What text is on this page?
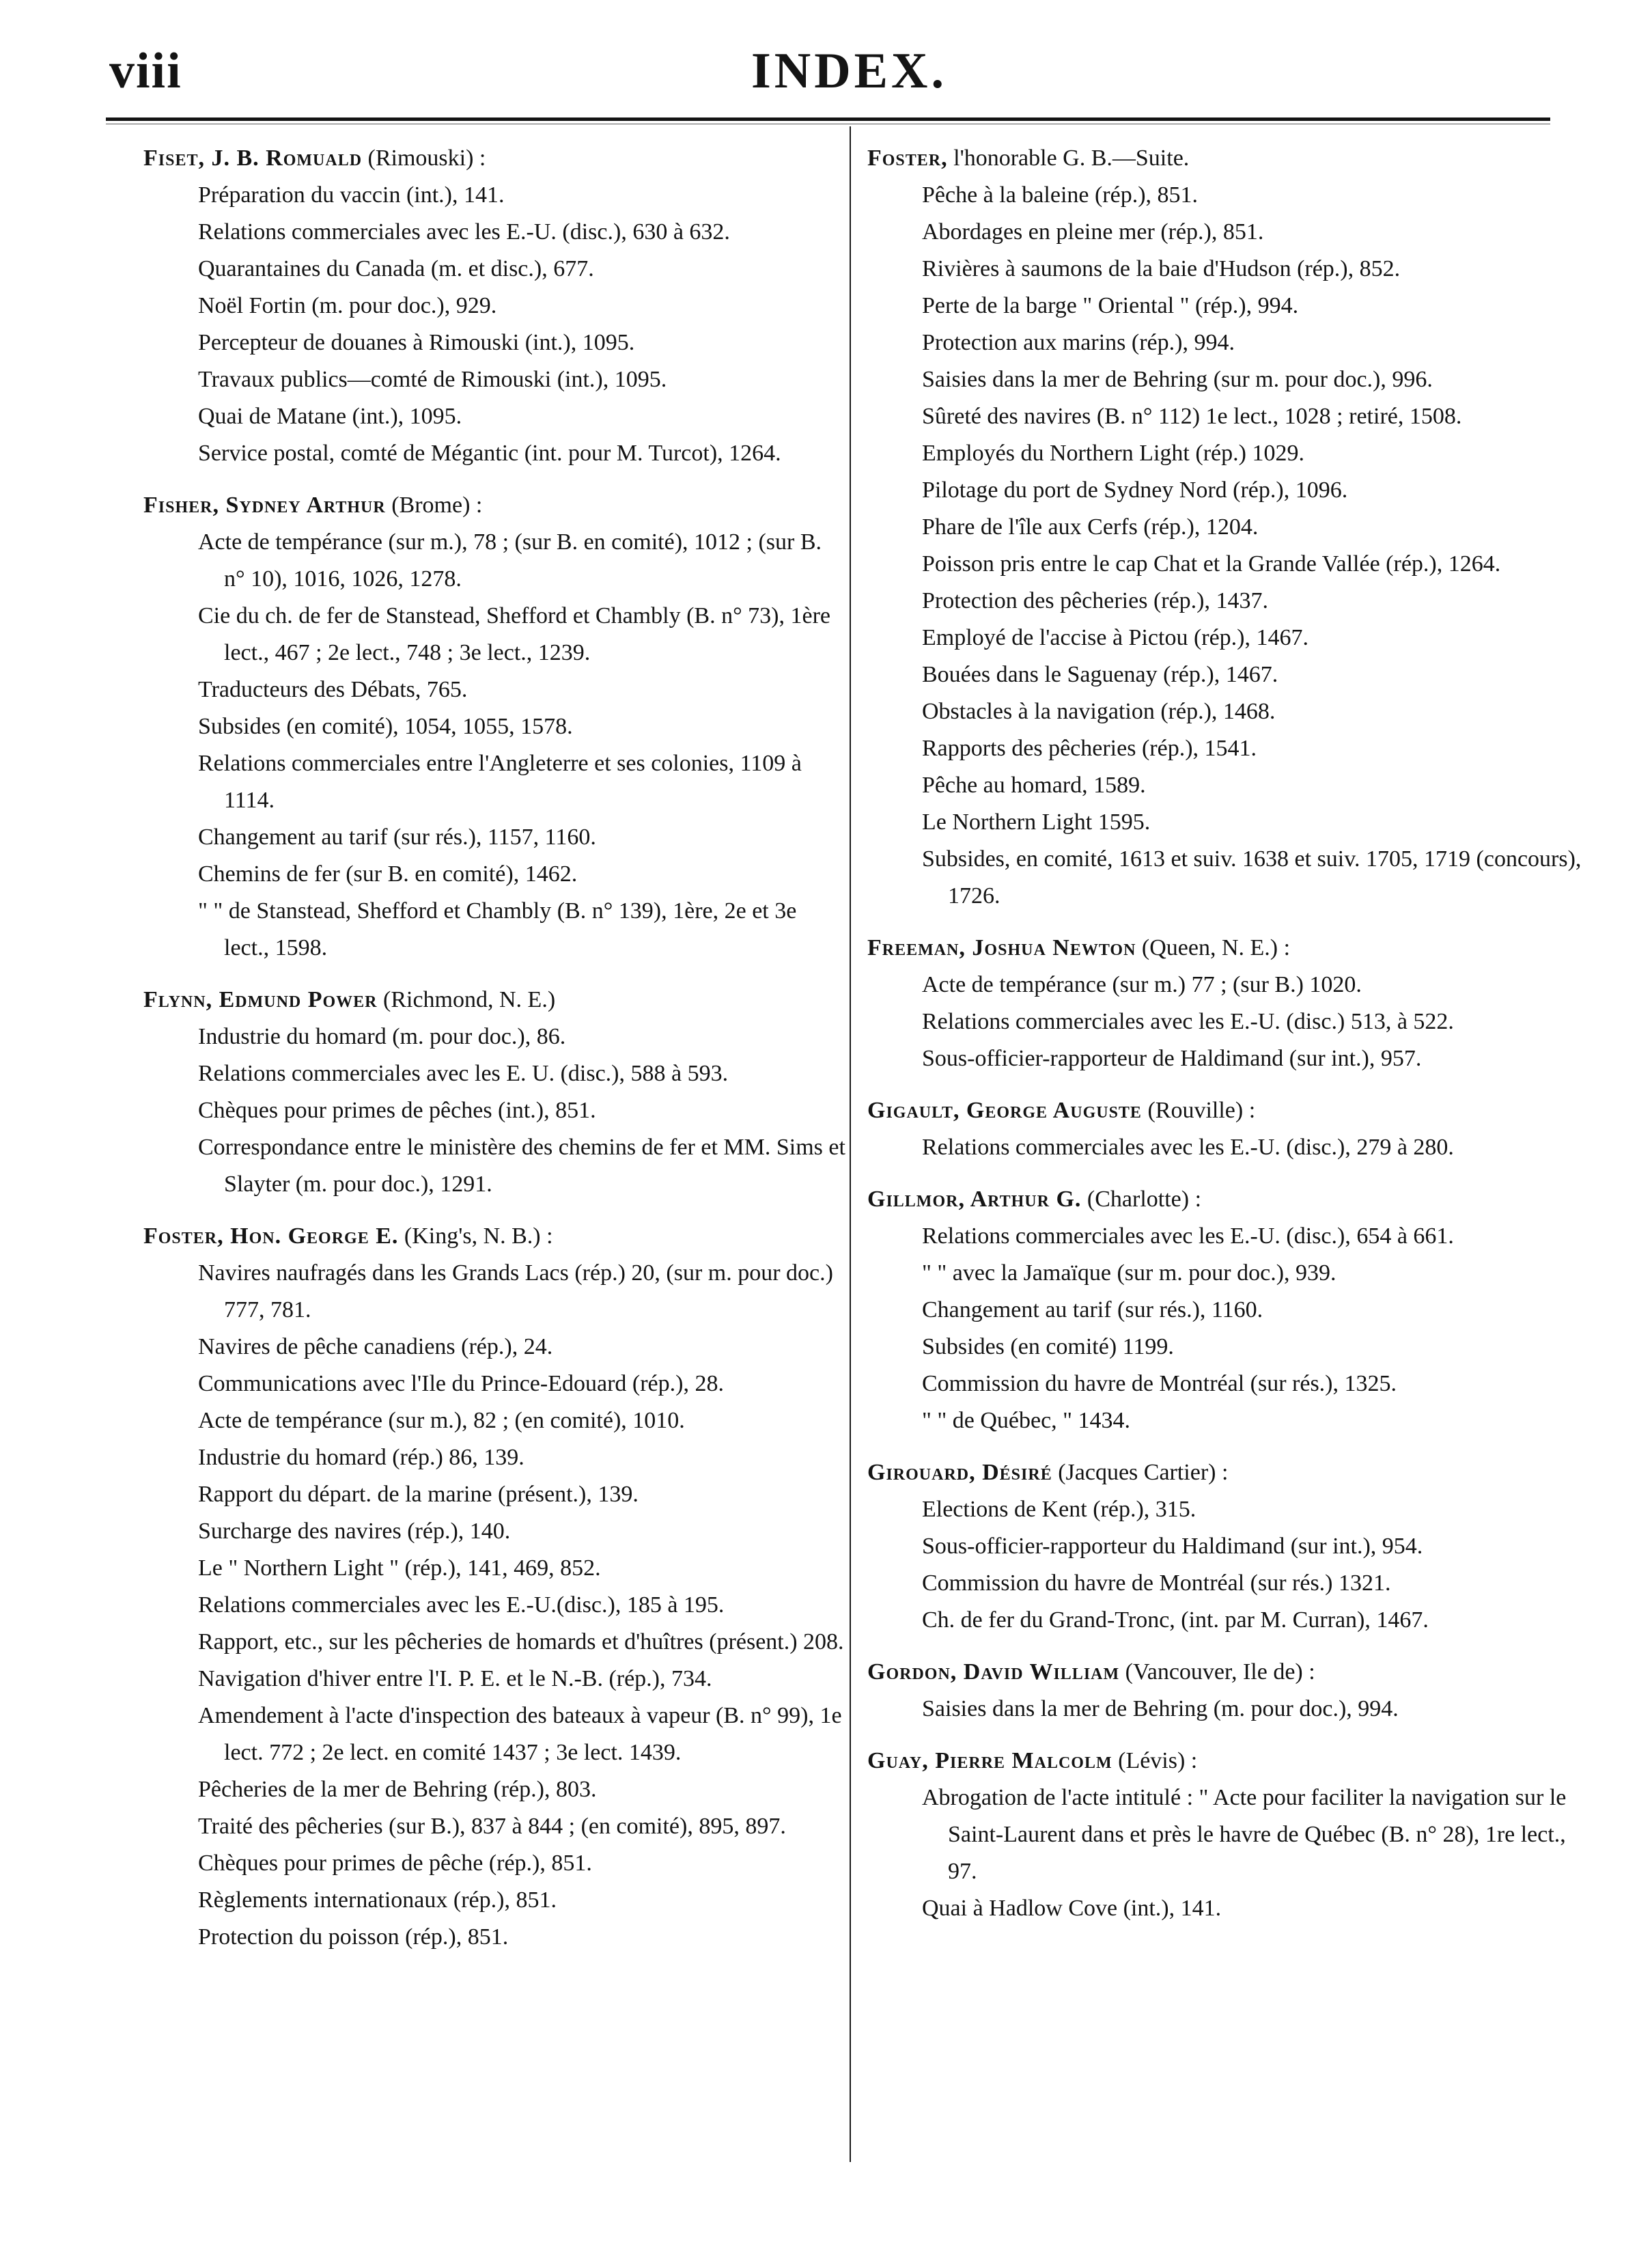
viii	INDEX.
Fiset, J. B. Romuald (Rimouski) :
Préparation du vaccin (int.), 141.
Relations commerciales avec les E.-U. (disc.), 630 à 632.
Quarantaines du Canada (m. et disc.), 677.
Noël Fortin (m. pour doc.), 929.
Percepteur de douanes à Rimouski (int.), 1095.
Travaux publics—comté de Rimouski (int.), 1095.
Quai de Matane (int.), 1095.
Service postal, comté de Mégantic (int. pour M. Turcot), 1264.
Fisher, Sydney Arthur (Brome) :
Acte de tempérance (sur m.), 78 ; (sur B. en comité), 1012 ; (sur B. n° 10), 1016, 1026, 1278.
Cie du ch. de fer de Stanstead, Shefford et Chambly (B. n° 73), 1ère lect., 467 ; 2e lect., 748 ; 3e lect., 1239.
Traducteurs des Débats, 765.
Subsides (en comité), 1054, 1055, 1578.
Relations commerciales entre l'Angleterre et ses colonies, 1109 à 1114.
Changement au tarif (sur rés.), 1157, 1160.
Chemins de fer (sur B. en comité), 1462.
" " de Stanstead, Shefford et Chambly (B. n° 139), 1ère, 2e et 3e lect., 1598.
Flynn, Edmund Power (Richmond, N. E.)
Industrie du homard (m. pour doc.), 86.
Relations commerciales avec les E. U. (disc.), 588 à 593.
Chèques pour primes de pêches (int.), 851.
Correspondance entre le ministère des chemins de fer et MM. Sims et Slayter (m. pour doc.), 1291.
Foster, Hon. George E. (King's, N. B.) :
Navires naufragés dans les Grands Lacs (rép.) 20, (sur m. pour doc.) 777, 781.
Navires de pêche canadiens (rép.), 24.
Communications avec l'Ile du Prince-Edouard (rép.), 28.
Acte de tempérance (sur m.), 82 ; (en comité), 1010.
Industrie du homard (rép.) 86, 139.
Rapport du départ. de la marine (présent.), 139.
Surcharge des navires (rép.), 140.
Le " Northern Light " (rép.), 141, 469, 852.
Relations commerciales avec les E.-U.(disc.), 185 à 195.
Rapport, etc., sur les pêcheries de homards et d'huîtres (présent.) 208.
Navigation d'hiver entre l'I. P. E. et le N.-B. (rép.), 734.
Amendement à l'acte d'inspection des bateaux à vapeur (B. n° 99), 1e lect. 772 ; 2e lect. en comité 1437 ; 3e lect. 1439.
Pêcheries de la mer de Behring (rép.), 803.
Traité des pêcheries (sur B.), 837 à 844 ; (en comité), 895, 897.
Chèques pour primes de pêche (rép.), 851.
Règlements internationaux (rép.), 851.
Protection du poisson (rép.), 851.
Foster, l'honorable G. B.—Suite.
Pêche à la baleine (rép.), 851.
Abordages en pleine mer (rép.), 851.
Rivières à saumons de la baie d'Hudson (rép.), 852.
Perte de la barge " Oriental " (rép.), 994.
Protection aux marins (rép.), 994.
Saisies dans la mer de Behring (sur m. pour doc.), 996.
Sûreté des navires (B. n° 112) 1e lect., 1028 ; retiré, 1508.
Employés du Northern Light (rép.) 1029.
Pilotage du port de Sydney Nord (rép.), 1096.
Phare de l'île aux Cerfs (rép.), 1204.
Poisson pris entre le cap Chat et la Grande Vallée (rép.), 1264.
Protection des pêcheries (rép.), 1437.
Employé de l'accise à Pictou (rép.), 1467.
Bouées dans le Saguenay (rép.), 1467.
Obstacles à la navigation (rép.), 1468.
Rapports des pêcheries (rép.), 1541.
Pêche au homard, 1589.
Le Northern Light 1595.
Subsides, en comité, 1613 et suiv. 1638 et suiv. 1705, 1719 (concours), 1726.
Freeman, Joshua Newton (Queen, N. E.) :
Acte de tempérance (sur m.) 77 ; (sur B.) 1020.
Relations commerciales avec les E.-U. (disc.) 513, à 522.
Sous-officier-rapporteur de Haldimand (sur int.), 957.
Gigault, George Auguste (Rouville) :
Relations commerciales avec les E.-U. (disc.), 279 à 280.
Gillmor, Arthur G. (Charlotte) :
Relations commerciales avec les E.-U. (disc.), 654 à 661.
" " avec la Jamaïque (sur m. pour doc.), 939.
Changement au tarif (sur rés.), 1160.
Subsides (en comité) 1199.
Commission du havre de Montréal (sur rés.), 1325.
" " de Québec, " 1434.
Girouard, Désiré (Jacques Cartier) :
Elections de Kent (rép.), 315.
Sous-officier-rapporteur du Haldimand (sur int.), 954.
Commission du havre de Montréal (sur rés.) 1321.
Ch. de fer du Grand-Tronc, (int. par M. Curran), 1467.
Gordon, David William (Vancouver, Ile de) :
Saisies dans la mer de Behring (m. pour doc.), 994.
Guay, Pierre Malcolm (Lévis) :
Abrogation de l'acte intitulé : " Acte pour faciliter la navigation sur le Saint-Laurent dans et près le havre de Québec (B. n° 28), 1re lect., 97.
Quai à Hadlow Cove (int.), 141.
